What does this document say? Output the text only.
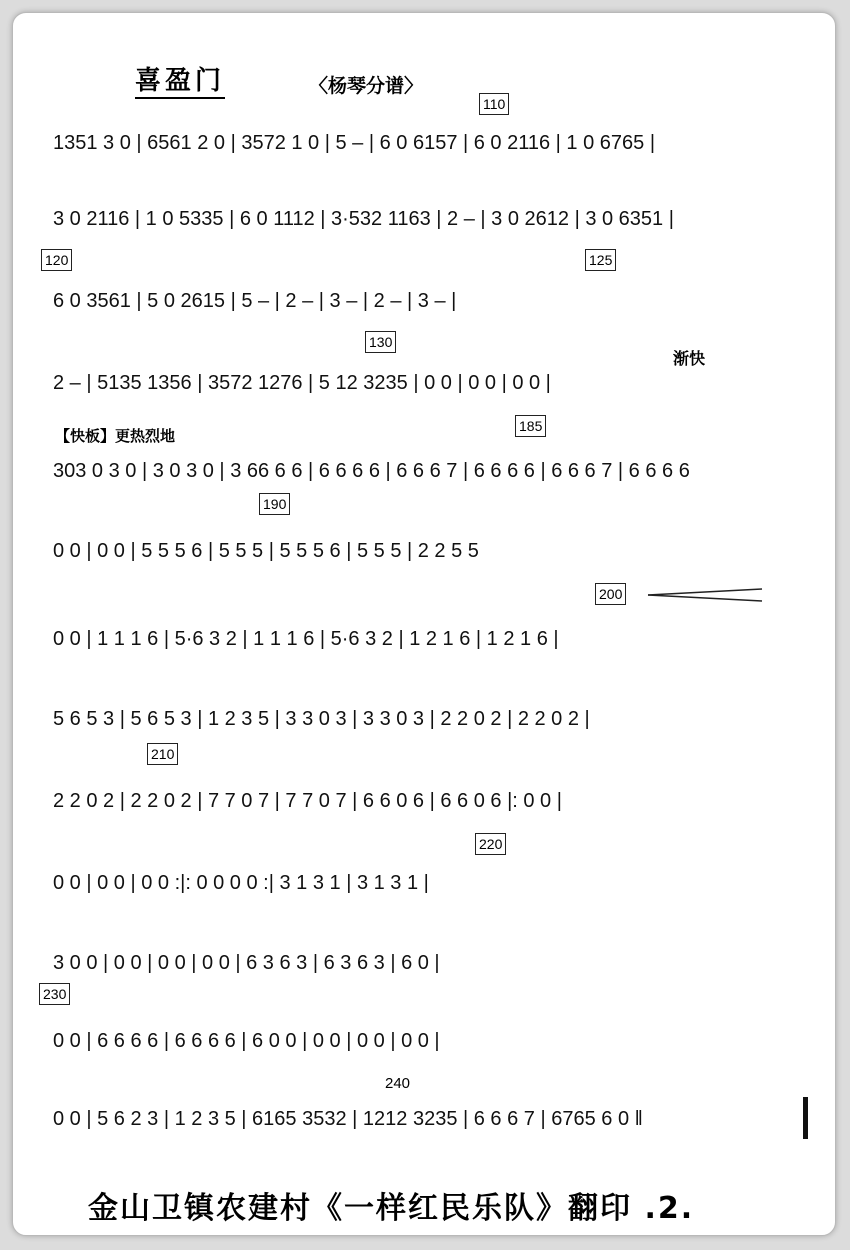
喜盈门	〈杨琴分谱〉
110
120	125
130
185
190
200
210
220
230
240
渐快
【快板】更热烈地
1351 3 0 | 6561 2 0 | 3572 1 0 | 5 – | 6 0 6157 | 6 0 2116 | 1 0 6765 |
3 0 2116 | 1 0 5335 | 6 0 1112 | 3·532 1163 | 2 – | 3 0 2612 | 3 0 6351 |
6 0 3561 | 5 0 2615 | 5 – | 2 – | 3 – | 2 – | 3 – |
2 – | 5135 1356 | 3572 1276 | 5 12 3235 | 0 0 | 0 0 | 0 0 |
303 0 3 0 | 3 0 3 0 | 3 66 6 6 | 6 6 6 6 | 6 6 6 7 | 6 6 6 6 | 6 6 6 7 | 6 6 6 6
0 0 | 0 0 | 5 5 5 6 | 5 5 5 | 5 5 5 6 | 5 5 5 | 2 2 5 5
0 0 | 1 1 1 6 | 5·6 3 2 | 1 1 1 6 | 5·6 3 2 | 1 2 1 6 | 1 2 1 6 |
5 6 5 3 | 5 6 5 3 | 1 2 3 5 | 3 3 0 3 | 3 3 0 3 | 2 2 0 2 | 2 2 0 2 |
2 2 0 2 | 2 2 0 2 | 7 7 0 7 | 7 7 0 7 | 6 6 0 6 | 6 6 0 6 |: 0 0 |
0 0 | 0 0 | 0 0 :|: 0 0 0 0 :| 3 1 3 1 | 3 1 3 1 |
3 0 0 | 0 0 | 0 0 | 0 0 | 6 3 6 3 | 6 3 6 3 | 6 0 |
0 0 | 6 6 6 6 | 6 6 6 6 | 6 0 0 | 0 0 | 0 0 | 0 0 |
0 0 | 5 6 2 3 | 1 2 3 5 | 6165 3532 | 1212 3235 | 6 6 6 7 | 6765 6 0 ‖
金山卫镇农建村《一样红民乐队》翻印 .2.
